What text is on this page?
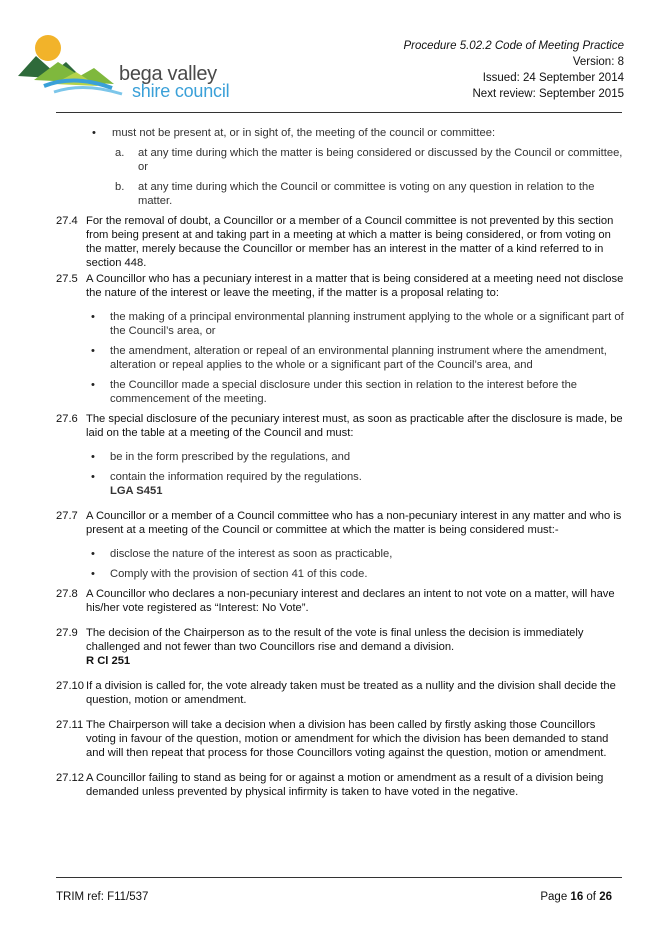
bega valley
shire council
Procedure 5.02.2 Code of Meeting Practice
Version: 8
Issued: 24 September 2014
Next review: September 2015
• must not be present at, or in sight of, the meeting of the council or committee:
a. at any time during which the matter is being considered or discussed by the Council or committee, or
b. at any time during which the Council or committee is voting on any question in relation to the matter.
27.4 For the removal of doubt, a Councillor or a member of a Council committee is not prevented by this section from being present at and taking part in a meeting at which a matter is being considered, or from voting on the matter, merely because the Councillor or member has an interest in the matter of a kind referred to in section 448.
27.5 A Councillor who has a pecuniary interest in a matter that is being considered at a meeting need not disclose the nature of the interest or leave the meeting, if the matter is a proposal relating to:
• the making of a principal environmental planning instrument applying to the whole or a significant part of the Council’s area, or
• the amendment, alteration or repeal of an environmental planning instrument where the amendment, alteration or repeal applies to the whole or a significant part of the Council’s area, and
• the Councillor made a special disclosure under this section in relation to the interest before the commencement of the meeting.
27.6 The special disclosure of the pecuniary interest must, as soon as practicable after the disclosure is made, be laid on the table at a meeting of the Council and must:
• be in the form prescribed by the regulations, and
• contain the information required by the regulations.
LGA S451
27.7 A Councillor or a member of a Council committee who has a non-pecuniary interest in any matter and who is present at a meeting of the Council or committee at which the matter is being considered must:-
• disclose the nature of the interest as soon as practicable,
• Comply with the provision of section 41 of this code.
27.8 A Councillor who declares a non-pecuniary interest and declares an intent to not vote on a matter, will have his/her vote registered as “Interest: No Vote”.
27.9 The decision of the Chairperson as to the result of the vote is final unless the decision is immediately challenged and not fewer than two Councillors rise and demand a division.
R Cl 251
27.10 If a division is called for, the vote already taken must be treated as a nullity and the division shall decide the question, motion or amendment.
27.11 The Chairperson will take a decision when a division has been called by firstly asking those Councillors voting in favour of the question, motion or amendment for which the division has been demanded to stand and will then repeat that process for those Councillors voting against the question, motion or amendment.
27.12 A Councillor failing to stand as being for or against a motion or amendment as a result of a division being demanded unless prevented by physical infirmity is taken to have voted in the negative.
TRIM ref: F11/537	Page 16 of 26
